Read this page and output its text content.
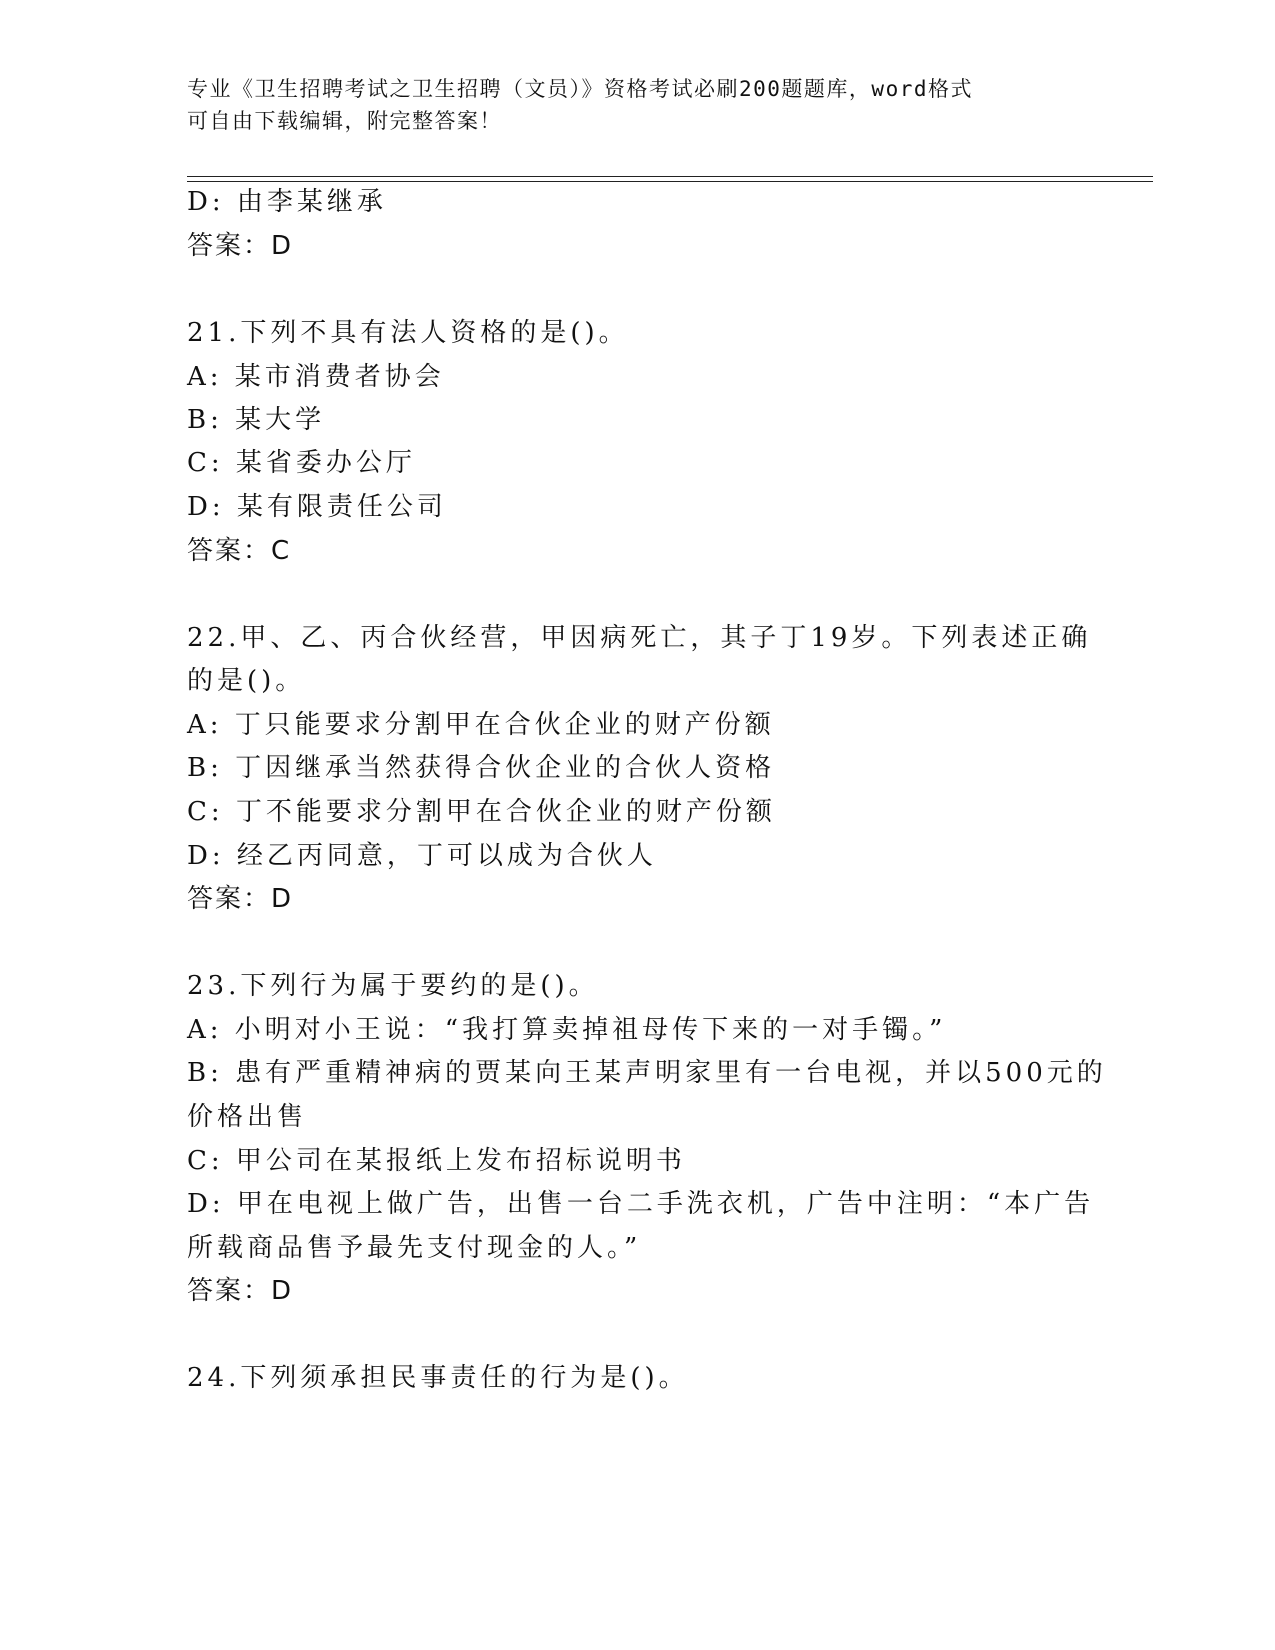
专业《卫生招聘考试之卫生招聘（文员）》资格考试必刷200题题库，word格式
可自由下载编辑，附完整答案！
D: 由李某继承
答案：D
21.下列不具有法人资格的是()。
A: 某市消费者协会
B: 某大学
C: 某省委办公厅
D: 某有限责任公司
答案：C
22.甲、乙、丙合伙经营，甲因病死亡，其子丁19岁。下列表述正确
的是()。
A: 丁只能要求分割甲在合伙企业的财产份额
B: 丁因继承当然获得合伙企业的合伙人资格
C: 丁不能要求分割甲在合伙企业的财产份额
D: 经乙丙同意，丁可以成为合伙人
答案：D
23.下列行为属于要约的是()。
A: 小明对小王说：“我打算卖掉祖母传下来的一对手镯。”
B: 患有严重精神病的贾某向王某声明家里有一台电视，并以500元的
价格出售
C: 甲公司在某报纸上发布招标说明书
D: 甲在电视上做广告，出售一台二手洗衣机，广告中注明：“本广告
所载商品售予最先支付现金的人。”
答案：D
24.下列须承担民事责任的行为是()。
